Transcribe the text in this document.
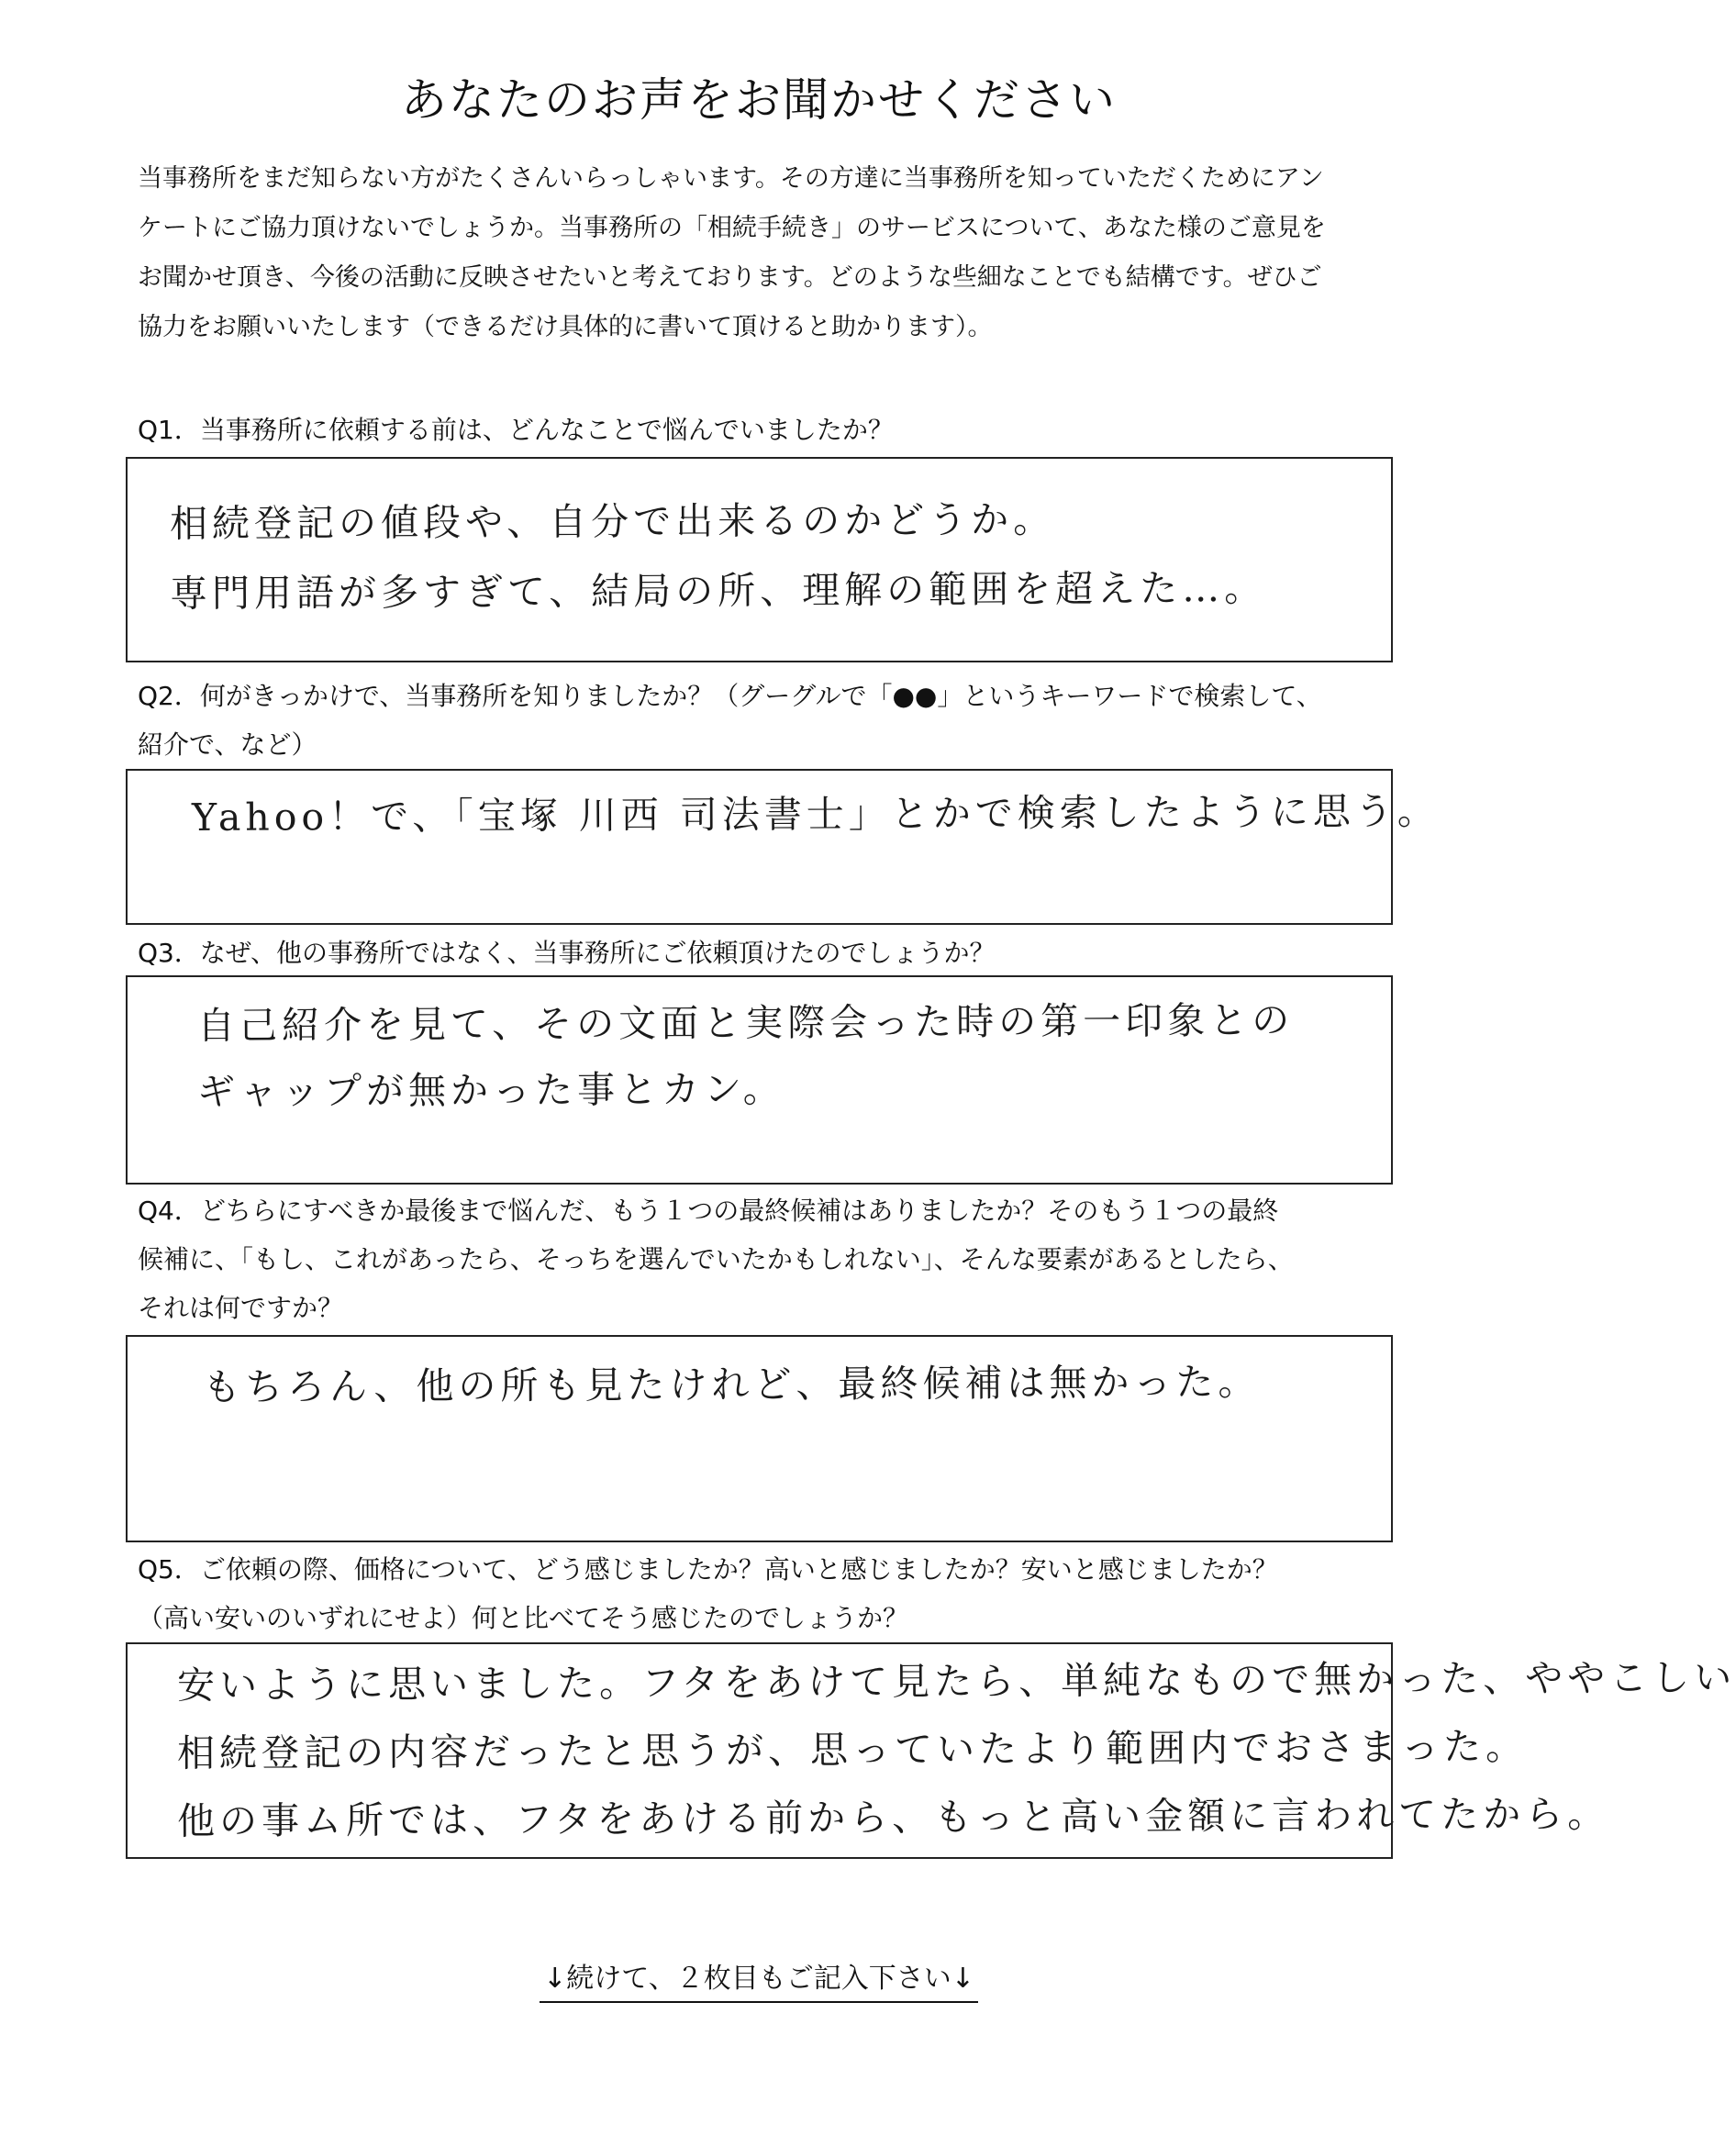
あなたのお声をお聞かせください

当事務所をまだ知らない方がたくさんいらっしゃいます。その方達に当事務所を知っていただくためにアン

ケートにご協力頂けないでしょうか。当事務所の「相続手続き」のサービスについて、あなた様のご意見を

お聞かせ頂き、今後の活動に反映させたいと考えております。どのような些細なことでも結構です。ぜひご

協力をお願いいたします（できるだけ具体的に書いて頂けると助かります）。

Q1．当事務所に依頼する前は、どんなことで悩んでいましたか？

相続登記の値段や、自分で出来るのかどうか。
専門用語が多すぎて、結局の所、理解の範囲を超えた…。

Q2．何がきっかけで、当事務所を知りましたか？（グーグルで「●●」というキーワードで検索して、

紹介で、など）

Yahoo！で、「宝塚 川西 司法書士」とかで検索したように思う。

Q3．なぜ、他の事務所ではなく、当事務所にご依頼頂けたのでしょうか？

自己紹介を見て、その文面と実際会った時の第一印象との
ギャップが無かった事とカン。

Q4．どちらにすべきか最後まで悩んだ、もう１つの最終候補はありましたか？そのもう１つの最終

候補に、「もし、これがあったら、そっちを選んでいたかもしれない」、そんな要素があるとしたら、

それは何ですか？

もちろん、他の所も見たけれど、最終候補は無かった。

Q5．ご依頼の際、価格について、どう感じましたか？高いと感じましたか？安いと感じましたか？

（高い安いのいずれにせよ）何と比べてそう感じたのでしょうか？

安いように思いました。フタをあけて見たら、単純なもので無かった、ややこしい
相続登記の内容だったと思うが、思っていたより範囲内でおさまった。
他の事ム所では、フタをあける前から、もっと高い金額に言われてたから。
↓続けて、２枚目もご記入下さい↓
